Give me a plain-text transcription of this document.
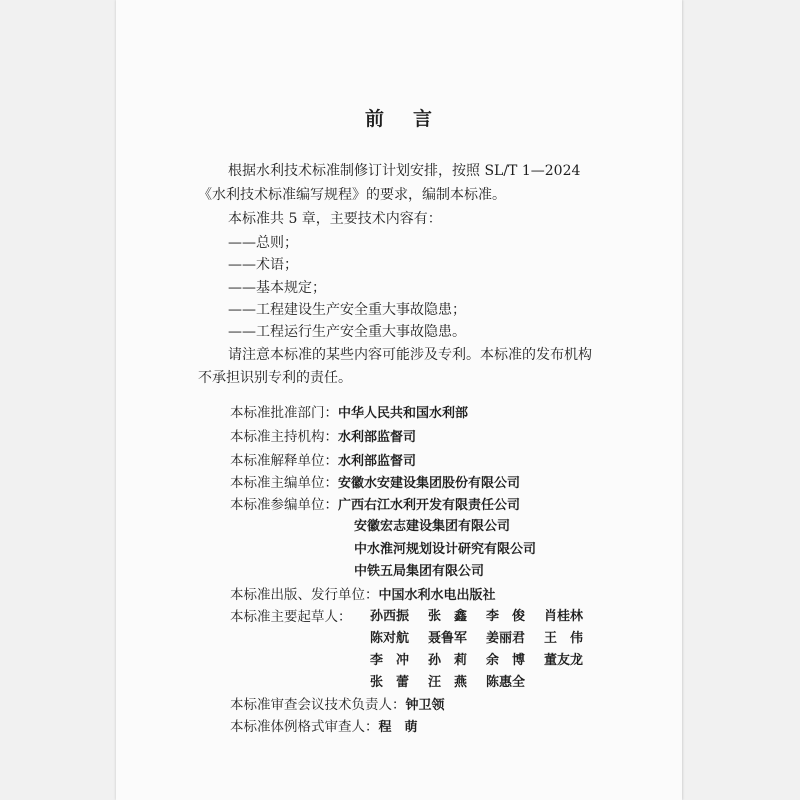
前 言
根据水利技术标准制修订计划安排，按照 SL/T 1—2024
《水利技术标准编写规程》的要求，编制本标准。
本标准共 5 章，主要技术内容有：
——总则；
——术语；
——基本规定；
——工程建设生产安全重大事故隐患；
——工程运行生产安全重大事故隐患。
请注意本标准的某些内容可能涉及专利。本标准的发布机构
不承担识别专利的责任。
本标准批准部门：中华人民共和国水利部
本标准主持机构：水利部监督司
本标准解释单位：水利部监督司
本标准主编单位：安徽水安建设集团股份有限公司
本标准参编单位：广西右江水利开发有限责任公司
安徽宏志建设集团有限公司
中水淮河规划设计研究有限公司
中铁五局集团有限公司
本标准出版、发行单位：中国水利水电出版社
本标准主要起草人： 孙西振 张　鑫 李　俊 肖桂林
陈对航 聂鲁军 姜丽君 王　伟
李　冲 孙　莉 余　博 董友龙
张　蕾 汪　燕 陈惠全
本标准审查会议技术负责人：钟卫领
本标准体例格式审查人：程　萌
